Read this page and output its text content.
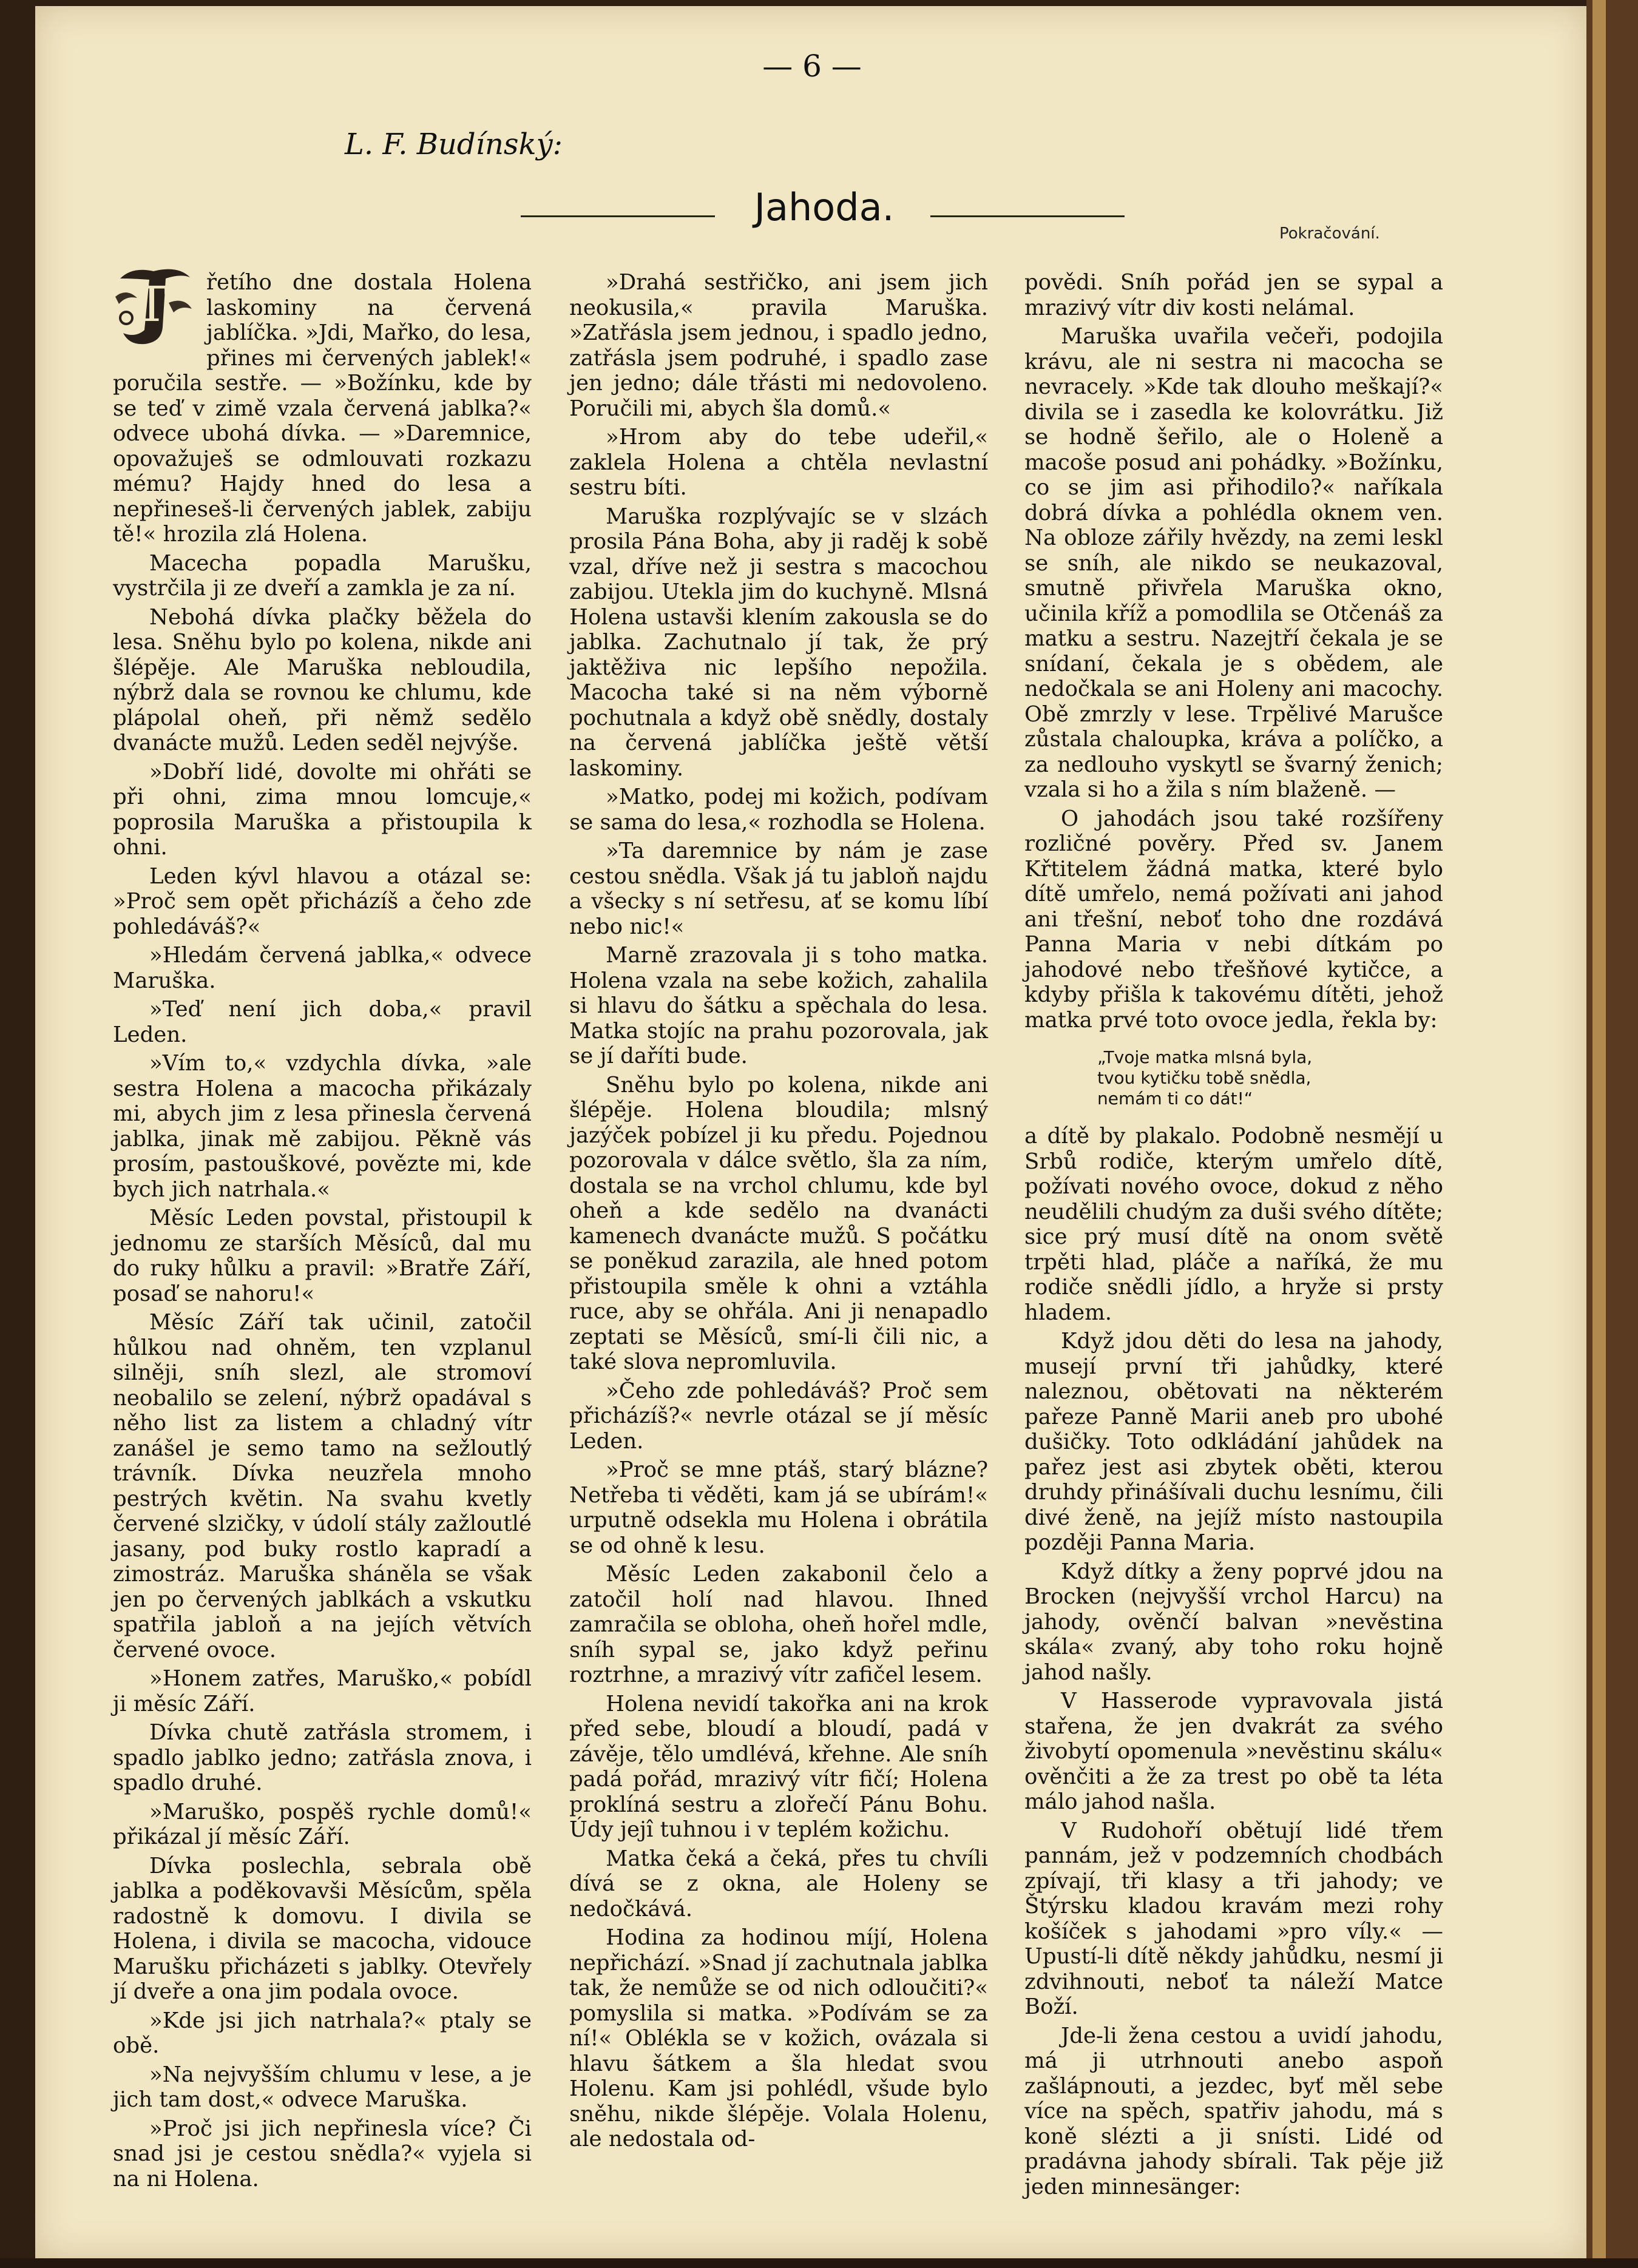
— 6 —
L. F. Budínský:
Jahoda.
Pokračování.
T	řetího dne dostala Holena laskominy na červená jablíčka. »Jdi, Mařko, do lesa, přines mi červených jablek!« poručila sestře. — »Božínku, kde by se teď v zimě vzala červená jablka?« odvece ubohá dívka. — »Daremnice, opovažuješ se odmlouvati rozkazu mému? Hajdy hned do lesa a nepřineseš-li červených jablek, zabiju tě!« hrozila zlá Holena.

Macecha popadla Marušku, vystrčila ji ze dveří a zamkla je za ní.

Nebohá dívka plačky běžela do lesa. Sněhu bylo po kolena, nikde ani šlépěje. Ale Maruška nebloudila, nýbrž dala se rovnou ke chlumu, kde plápolal oheň, při němž sedělo dvanácte mužů. Leden seděl nejvýše.

»Dobří lidé, dovolte mi ohřáti se při ohni, zima mnou lomcuje,« poprosila Maruška a přistoupila k ohni.

Leden kývl hlavou a otázal se: »Proč sem opět přicházíš a čeho zde pohledáváš?«

»Hledám červená jablka,« odvece Maruška.

»Teď není jich doba,« pravil Leden.

»Vím to,« vzdychla dívka, »ale sestra Holena a macocha přikázaly mi, abych jim z lesa přinesla červená jablka, jinak mě zabijou. Pěkně vás prosím, pastouškové, povězte mi, kde bych jich natrhala.«

Měsíc Leden povstal, přistoupil k jednomu ze starších Měsíců, dal mu do ruky hůlku a pravil: »Bratře Září, posaď se nahoru!«

Měsíc Září tak učinil, zatočil hůlkou nad ohněm, ten vzplanul silněji, sníh slezl, ale stromoví neobalilo se zelení, nýbrž opadával s něho list za listem a chladný vítr zanášel je semo tamo na sežloutlý trávník. Dívka neuzřela mnoho pestrých květin. Na svahu kvetly červené slzičky, v údolí stály zažloutlé jasany, pod buky rostlo kapradí a zimostráz. Maruška sháněla se však jen po červených jablkách a vskutku spatřila jabloň a na jejích větvích červené ovoce.

»Honem zatřes, Maruško,« pobídl ji měsíc Září.

Dívka chutě zatřásla stromem, i spadlo jablko jedno; zatřásla znova, i spadlo druhé.

»Maruško, pospěš rychle domů!« přikázal jí měsíc Září.

Dívka poslechla, sebrala obě jablka a poděkovavši Měsícům, spěla radostně k domovu. I divila se Holena, i divila se macocha, vidouce Marušku přicházeti s jablky. Otevřely jí dveře a ona jim podala ovoce.

»Kde jsi jich natrhala?« ptaly se obě.

»Na nejvyšším chlumu v lese, a je jich tam dost,« odvece Maruška.

»Proč jsi jich nepřinesla více? Či snad jsi je cestou snědla?« vyjela si na ni Holena.

»Drahá sestřičko, ani jsem jich neokusila,« pravila Maruška. »Zatřásla jsem jednou, i spadlo jedno, zatřásla jsem podruhé, i spadlo zase jen jedno; dále třásti mi nedovoleno. Poručili mi, abych šla domů.«

»Hrom aby do tebe udeřil,« zaklela Holena a chtěla nevlastní sestru bíti.

Maruška rozplývajíc se v slzách prosila Pána Boha, aby ji raděj k sobě vzal, dříve než ji sestra s macochou zabijou. Utekla jim do kuchyně. Mlsná Holena ustavši klením zakousla se do jablka. Zachutnalo jí tak, že prý jaktěživa nic lepšího nepožila. Macocha také si na něm výborně pochutnala a když obě snědly, dostaly na červená jablíčka ještě větší laskominy.

»Matko, podej mi kožich, podívam se sama do lesa,« rozhodla se Holena.

»Ta daremnice by nám je zase cestou snědla. Však já tu jabloň najdu a všecky s ní setřesu, ať se komu líbí nebo nic!«

Marně zrazovala ji s toho matka. Holena vzala na sebe kožich, zahalila si hlavu do šátku a spěchala do lesa. Matka stojíc na prahu pozorovala, jak se jí daříti bude.

Sněhu bylo po kolena, nikde ani šlépěje. Holena bloudila; mlsný jazýček pobízel ji ku předu. Pojednou pozorovala v dálce světlo, šla za ním, dostala se na vrchol chlumu, kde byl oheň a kde sedělo na dvanácti kamenech dvanácte mužů. S počátku se poněkud zarazila, ale hned potom přistoupila směle k ohni a vztáhla ruce, aby se ohřála. Ani ji nenapadlo zeptati se Měsíců, smí-li čili nic, a také slova nepromluvila.

»Čeho zde pohledáváš? Proč sem přicházíš?« nevrle otázal se jí měsíc Leden.

»Proč se mne ptáš, starý blázne? Netřeba ti věděti, kam já se ubírám!« urputně odsekla mu Holena i obrátila se od ohně k lesu.

Měsíc Leden zakabonil čelo a zatočil holí nad hlavou. Ihned zamračila se obloha, oheň hořel mdle, sníh sypal se, jako když peřinu roztrhne, a mrazivý vítr zafičel lesem.

Holena nevidí takořka ani na krok před sebe, bloudí a bloudí, padá v závěje, tělo umdlévá, křehne. Ale sníh padá pořád, mrazivý vítr fičí; Holena proklíná sestru a zlořečí Pánu Bohu. Údy jejî tuhnou i v teplém kožichu.

Matka čeká a čeká, přes tu chvíli dívá se z okna, ale Holeny se nedočkává.

Hodina za hodinou míjí, Holena nepřichází. »Snad jí zachutnala jablka tak, že nemůže se od nich odloučiti?« pomyslila si matka. »Podívám se za ní!« Oblékla se v kožich, ovázala si hlavu šátkem a šla hledat svou Holenu. Kam jsi pohlédl, všude bylo sněhu, nikde šlépěje. Volala Holenu, ale nedostala od-

povědi. Sníh pořád jen se sypal a mrazivý vítr div kosti nelámal.

Maruška uvařila večeři, podojila krávu, ale ni sestra ni macocha se nevracely. »Kde tak dlouho meškají?« divila se i zasedla ke kolovrátku. Již se hodně šeřilo, ale o Holeně a macoše posud ani pohádky. »Božínku, co se jim asi přihodilo?« naříkala dobrá dívka a pohlédla oknem ven. Na obloze zářily hvězdy, na zemi leskl se sníh, ale nikdo se neukazoval, smutně přivřela Maruška okno, učinila kříž a pomodlila se Otčenáš za matku a sestru. Nazejtří čekala je se snídaní, čekala je s obědem, ale nedočkala se ani Holeny ani macochy. Obě zmrzly v lese. Trpělivé Marušce zůstala chaloupka, kráva a políčko, a za nedlouho vyskytl se švarný ženich; vzala si ho a žila s ním blaženě. —

O jahodách jsou také rozšířeny rozličné pověry. Před sv. Janem Křtitelem žádná matka, které bylo dítě umřelo, nemá požívati ani jahod ani třešní, neboť toho dne rozdává Panna Maria v nebi dítkám po jahodové nebo třešňové kytičce, a kdyby přišla k takovému dítěti, jehož matka prvé toto ovoce jedla, řekla by:

„Tvoje matka mlsná byla,
tvou kytičku tobě snědla,
nemám ti co dát!“

a dítě by plakalo. Podobně nesmějí u Srbů rodiče, kterým umřelo dítě, požívati nového ovoce, dokud z něho neudělili chudým za duši svého dítěte; sice prý musí dítě na onom světě trpěti hlad, pláče a naříká, že mu rodiče snědli jídlo, a hryže si prsty hladem.

Když jdou děti do lesa na jahody, musejí první tři jahůdky, které naleznou, obětovati na některém pařeze Panně Marii aneb pro ubohé dušičky. Toto odkládání jahůdek na pařez jest asi zbytek oběti, kterou druhdy přinášívali duchu lesnímu, čili divé ženě, na jejíž místo nastoupila později Panna Maria.

Když dítky a ženy poprvé jdou na Brocken (nejvyšší vrchol Harcu) na jahody, ověnčí balvan »nevěstina skála« zvaný, aby toho roku hojně jahod našly.

V Hasserode vypravovala jistá stařena, že jen dvakrát za svého živobytí opomenula »nevěstinu skálu« ověnčiti a že za trest po obě ta léta málo jahod našla.

V Rudohoří obětují lidé třem pannám, jež v podzemních chodbách zpívají, tři klasy a tři jahody; ve Štýrsku kladou kravám mezi rohy košíček s jahodami »pro víly.« — Upustí-li dítě někdy jahůdku, nesmí ji zdvihnouti, neboť ta náleží Matce Boží.

Jde-li žena cestou a uvidí jahodu, má ji utrhnouti anebo aspoň zašlápnouti, a jezdec, byť měl sebe více na spěch, spatřiv jahodu, má s koně slézti a ji snísti. Lidé od pradávna jahody sbírali. Tak pěje již jeden minnesänger:
